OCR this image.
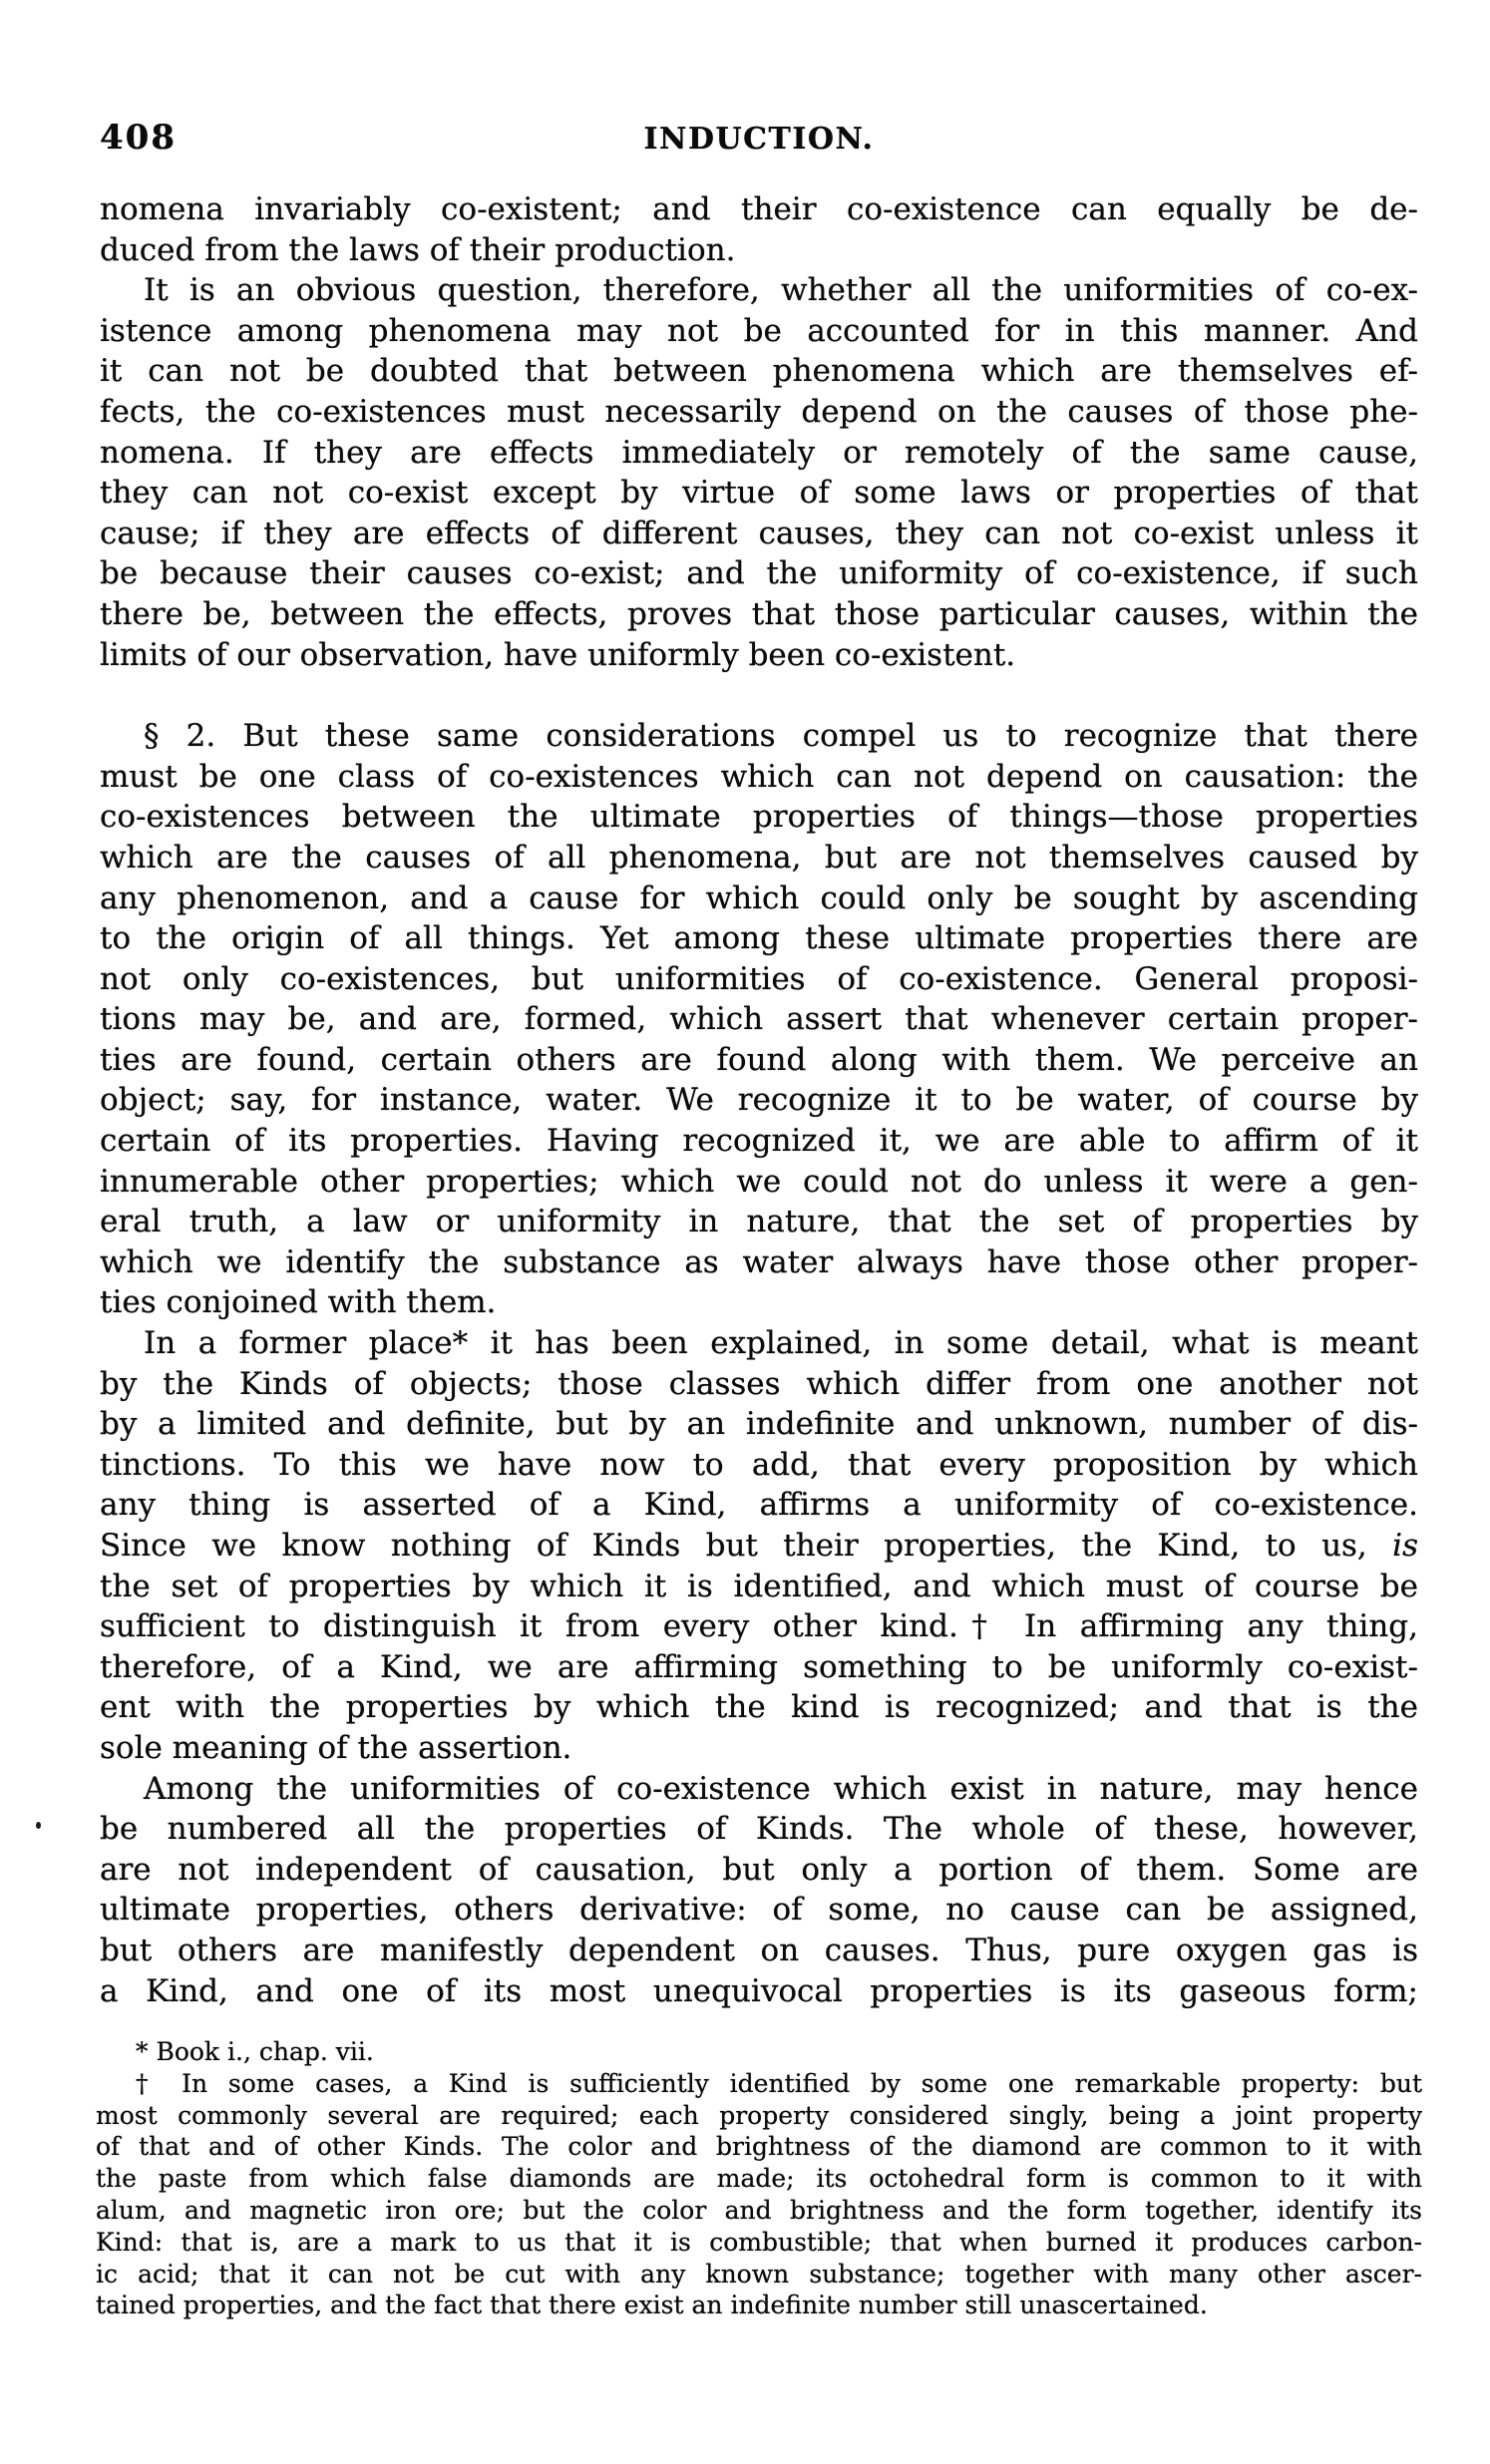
408	INDUCTION.
nomena invariably co-existent; and their co-existence can equally be de-
duced from the laws of their production.
It is an obvious question, therefore, whether all the uniformities of co-ex-
istence among phenomena may not be accounted for in this manner. And
it can not be doubted that between phenomena which are themselves ef-
fects, the co-existences must necessarily depend on the causes of those phe-
nomena. If they are effects immediately or remotely of the same cause,
they can not co-exist except by virtue of some laws or properties of that
cause; if they are effects of different causes, they can not co-exist unless it
be because their causes co-exist; and the uniformity of co-existence, if such
there be, between the effects, proves that those particular causes, within the
limits of our observation, have uniformly been co-existent.
§ 2. But these same considerations compel us to recognize that there
must be one class of co-existences which can not depend on causation: the
co-existences between the ultimate properties of things—those properties
which are the causes of all phenomena, but are not themselves caused by
any phenomenon, and a cause for which could only be sought by ascending
to the origin of all things. Yet among these ultimate properties there are
not only co-existences, but uniformities of co-existence. General proposi-
tions may be, and are, formed, which assert that whenever certain proper-
ties are found, certain others are found along with them. We perceive an
object; say, for instance, water. We recognize it to be water, of course by
certain of its properties. Having recognized it, we are able to affirm of it
innumerable other properties; which we could not do unless it were a gen-
eral truth, a law or uniformity in nature, that the set of properties by
which we identify the substance as water always have those other proper-
ties conjoined with them.
In a former place* it has been explained, in some detail, what is meant
by the Kinds of objects; those classes which differ from one another not
by a limited and definite, but by an indefinite and unknown, number of dis-
tinctions. To this we have now to add, that every proposition by which
any thing is asserted of a Kind, affirms a uniformity of co-existence.
Since we know nothing of Kinds but their properties, the Kind, to us, is
the set of properties by which it is identified, and which must of course be
sufficient to distinguish it from every other kind.† In affirming any thing,
therefore, of a Kind, we are affirming something to be uniformly co-exist-
ent with the properties by which the kind is recognized; and that is the
sole meaning of the assertion.
Among the uniformities of co-existence which exist in nature, may hence
be numbered all the properties of Kinds. The whole of these, however,
are not independent of causation, but only a portion of them. Some are
ultimate properties, others derivative: of some, no cause can be assigned,
but others are manifestly dependent on causes. Thus, pure oxygen gas is
a Kind, and one of its most unequivocal properties is its gaseous form;
* Book i., chap. vii.
† In some cases, a Kind is sufficiently identified by some one remarkable property: but
most commonly several are required; each property considered singly, being a joint property
of that and of other Kinds. The color and brightness of the diamond are common to it with
the paste from which false diamonds are made; its octohedral form is common to it with
alum, and magnetic iron ore; but the color and brightness and the form together, identify its
Kind: that is, are a mark to us that it is combustible; that when burned it produces carbon-
ic acid; that it can not be cut with any known substance; together with many other ascer-
tained properties, and the fact that there exist an indefinite number still unascertained.
